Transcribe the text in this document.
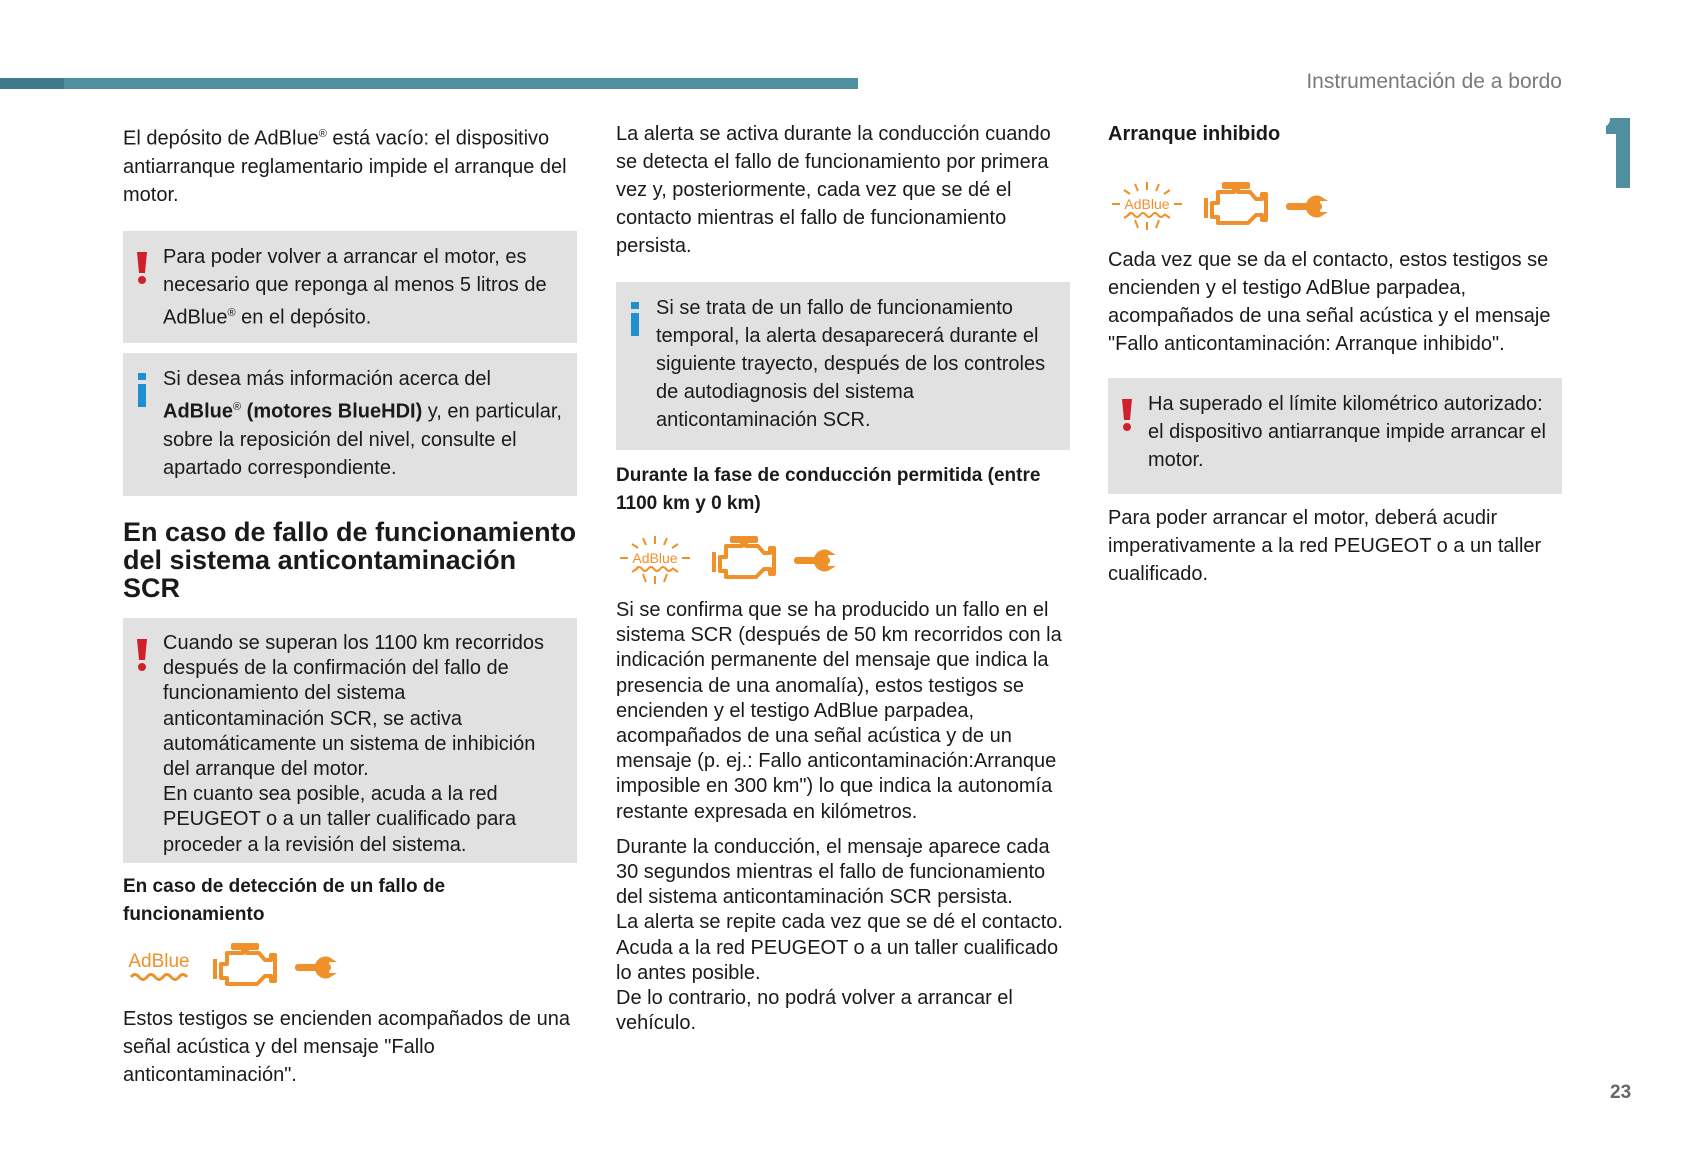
Instrumentación de a bordo
23

El depósito de AdBlue® está vacío: el dispositivo antiarranque reglamentario impide el arranque del motor.

Para poder volver a arrancar el motor, es necesario que reponga al menos 5 litros de AdBlue® en el depósito.
Si desea más información acerca del AdBlue® (motores BlueHDI) y, en particular, sobre la reposición del nivel, consulte el apartado correspondiente.
En caso de fallo de funcionamiento del sistema anticontaminación SCR
Cuando se superan los 1100 km recorridos después de la confirmación del fallo de funcionamiento del sistema anticontaminación SCR, se activa automáticamente un sistema de inhibición del arranque del motor.
En cuanto sea posible, acuda a la red PEUGEOT o a un taller cualificado para proceder a la revisión del sistema.
En caso de detección de un fallo de funcionamiento
AdBlue

Estos testigos se encienden acompañados de una señal acústica y del mensaje "Fallo anticontaminación".

La alerta se activa durante la conducción cuando se detecta el fallo de funcionamiento por primera vez y, posteriormente, cada vez que se dé el contacto mientras el fallo de funcionamiento persista.

Si se trata de un fallo de funcionamiento temporal, la alerta desaparecerá durante el siguiente trayecto, después de los controles de autodiagnosis del sistema anticontaminación SCR.
Durante la fase de conducción permitida (entre 1100 km y 0 km)
AdBlue

Si se confirma que se ha producido un fallo en el sistema SCR (después de 50 km recorridos con la indicación permanente del mensaje que indica la presencia de una anomalía), estos testigos se encienden y el testigo AdBlue parpadea, acompañados de una señal acústica y de un mensaje (p. ej.: Fallo anticontaminación:Arranque imposible en 300 km") lo que indica la autonomía restante expresada en kilómetros.

Durante la conducción, el mensaje aparece cada 30 segundos mientras el fallo de funcionamiento del sistema anticontaminación SCR persista.
La alerta se repite cada vez que se dé el contacto.
Acuda a la red PEUGEOT o a un taller cualificado lo antes posible.
De lo contrario, no podrá volver a arrancar el vehículo.
Arranque inhibido
AdBlue

Cada vez que se da el contacto, estos testigos se encienden y el testigo AdBlue parpadea, acompañados de una señal acústica y el mensaje "Fallo anticontaminación: Arranque inhibido".

Ha superado el límite kilométrico autorizado: el dispositivo antiarranque impide arrancar el motor.

Para poder arrancar el motor, deberá acudir imperativamente a la red PEUGEOT o a un taller cualificado.
